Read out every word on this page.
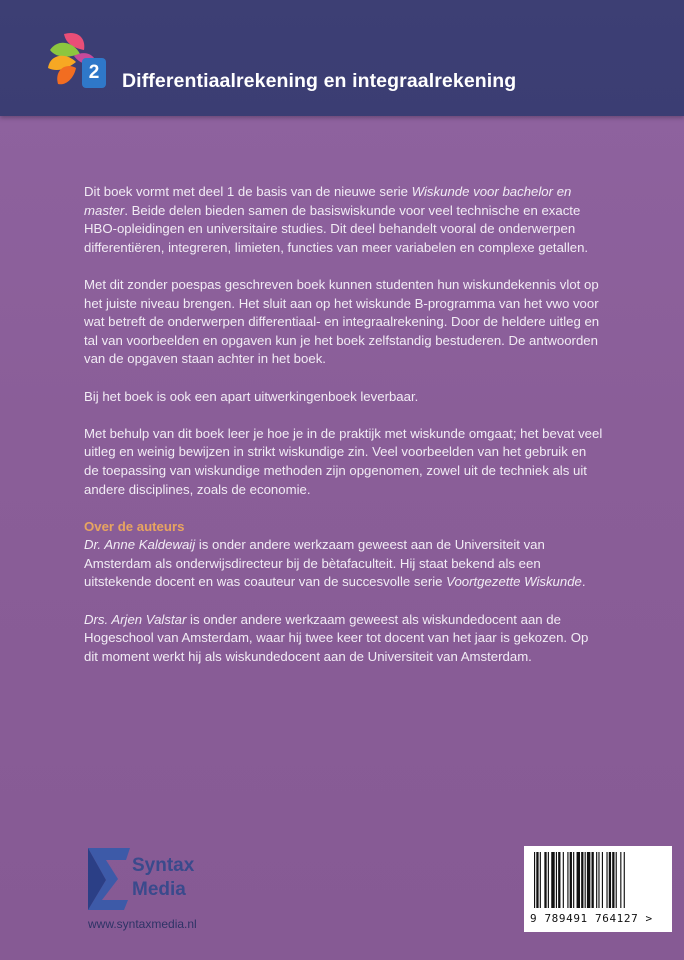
2	Differentiaalrekening en integraalrekening

Dit boek vormt met deel 1 de basis van de nieuwe serie Wiskunde voor bachelor en master. Beide delen bieden samen de basiswiskunde voor veel technische en exacte HBO-opleidingen en universitaire studies. Dit deel behandelt vooral de onderwerpen differentiëren, integreren, limieten, functies van meer variabelen en complexe getallen.

Met dit zonder poespas geschreven boek kunnen studenten hun wiskundekennis vlot op het juiste niveau brengen. Het sluit aan op het wiskunde B-programma van het vwo voor wat betreft de onderwerpen differentiaal- en integraalrekening. Door de heldere uitleg en tal van voorbeelden en opgaven kun je het boek zelfstandig bestuderen. De antwoorden van de opgaven staan achter in het boek.

Bij het boek is ook een apart uitwerkingenboek leverbaar.

Met behulp van dit boek leer je hoe je in de praktijk met wiskunde omgaat; het bevat veel uitleg en weinig bewijzen in strikt wiskundige zin. Veel voorbeelden van het gebruik en de toepassing van wiskundige methoden zijn opgenomen, zowel uit de techniek als uit andere disciplines, zoals de economie.

Over de auteurs

Dr. Anne Kaldewaij is onder andere werkzaam geweest aan de Universiteit van Amsterdam als onderwijsdirecteur bij de bètafaculteit. Hij staat bekend als een uitstekende docent en was coauteur van de succesvolle serie Voortgezette Wiskunde.

Drs. Arjen Valstar is onder andere werkzaam geweest als wiskundedocent aan de Hogeschool van Amsterdam, waar hij twee keer tot docent van het jaar is gekozen. Op dit moment werkt hij als wiskundedocent aan de Universiteit van Amsterdam.

Syntax
Media
www.syntaxmedia.nl	9 789491 764127 >
